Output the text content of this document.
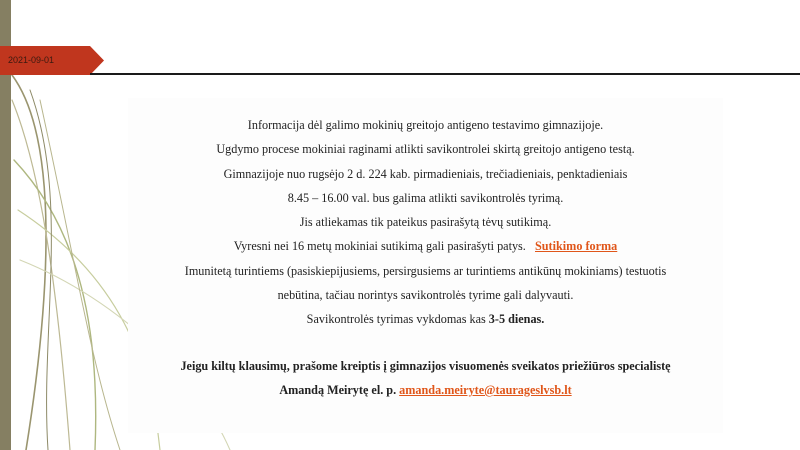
2021-09-01
Informacija dėl galimo mokinių greitojo antigeno testavimo gimnazijoje.
Ugdymo procese mokiniai raginami atlikti savikontrolei skirtą greitojo antigeno testą.
Gimnazijoje nuo rugsėjo 2 d. 224 kab. pirmadieniais, trečiadieniais, penktadieniais
8.45 – 16.00 val. bus galima atlikti savikontrolės tyrimą.
Jis atliekamas tik pateikus pasirašytą tėvų sutikimą.
Vyresni nei 16 metų mokiniai sutikimą gali pasirašyti patys. Sutikimo forma
Imunitetą turintiems (pasiskiepijusiems, persirgusiems ar turintiems antikūnų mokiniams) testuotis
nebūtina, tačiau norintys savikontrolės tyrime gali dalyvauti.
Savikontrolės tyrimas vykdomas kas 3-5 dienas.
Jeigu kiltų klausimų, prašome kreiptis į gimnazijos visuomenės sveikatos priežiūros specialistę
Amandą Meirytę el. p. amanda.meiryte@taurageslvsb.lt
